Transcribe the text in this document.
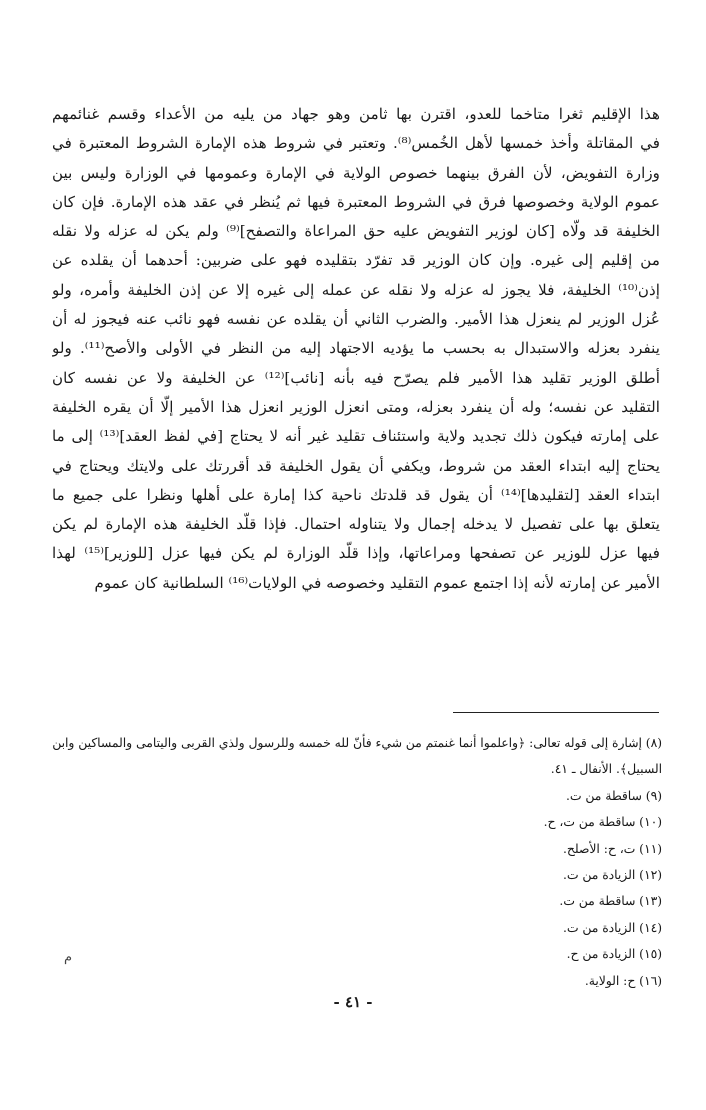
هذا الإقليم ثغرا متاخما للعدو، اقترن بها ثامن وهو جهاد من يليه من الأعداء وقسم غنائمهم
في المقاتلة وأخذ خمسها لأهل الخُمس⁽⁸⁾. وتعتبر في شروط هذه الإمارة الشروط المعتبرة في
وزارة التفويض، لأن الفرق بينهما خصوص الولاية في الإمارة وعمومها في الوزارة وليس بين
عموم الولاية وخصوصها فرق في الشروط المعتبرة فيها ثم يُنظر في عقد هذه الإمارة. فإن كان
الخليفة قد ولّاه [كان لوزير التفويض عليه حق المراعاة والتصفح]⁽⁹⁾ ولم يكن له عزله ولا نقله
من إقليم إلى غيره. وإن كان الوزير قد تفرّد بتقليده فهو على ضربين: أحدهما أن يقلده عن
إذن⁽¹⁰⁾ الخليفة، فلا يجوز له عزله ولا نقله عن عمله إلى غيره إلا عن إذن الخليفة وأمره، ولو
عُزل الوزير لم ينعزل هذا الأمير. والضرب الثاني أن يقلده عن نفسه فهو نائب عنه فيجوز له أن
ينفرد بعزله والاستبدال به بحسب ما يؤديه الاجتهاد إليه من النظر في الأولى والأصح⁽¹¹⁾. ولو
أطلق الوزير تقليد هذا الأمير فلم يصرّح فيه بأنه [نائب]⁽¹²⁾ عن الخليفة ولا عن نفسه كان
التقليد عن نفسه؛ وله أن ينفرد بعزله، ومتى انعزل الوزير انعزل هذا الأمير إلّا أن يقره الخليفة
على إمارته فيكون ذلك تجديد ولاية واستئناف تقليد غير أنه لا يحتاج [في لفظ العقد]⁽¹³⁾ إلى ما
يحتاج إليه ابتداء العقد من شروط، ويكفي أن يقول الخليفة قد أقررتك على ولايتك ويحتاج في
ابتداء العقد [لتقليدها]⁽¹⁴⁾ أن يقول قد قلدتك ناحية كذا إمارة على أهلها ونظرا على جميع ما
يتعلق بها على تفصيل لا يدخله إجمال ولا يتناوله احتمال. فإذا قلّد الخليفة هذه الإمارة لم يكن
فيها عزل للوزير عن تصفحها ومراعاتها، وإذا قلّد الوزارة لم يكن فيها عزل [للوزير]⁽¹⁵⁾ لهذا
الأمير عن إمارته لأنه إذا اجتمع عموم التقليد وخصوصه في الولايات⁽¹⁶⁾ السلطانية كان عموم
(٨) إشارة إلى قوله تعالى: ﴿واعلموا أنما غنمتم من شيء فأنّ لله خمسه وللرسول ولذي القربى واليتامى والمساكين وابن
السبيل﴾. الأنفال ـ ٤١.
(٩) ساقطة من ت.
(١٠) ساقطة من ت، ح.
(١١) ت، ح: الأصلح.
(١٢) الزيادة من ت.
(١٣) ساقطة من ت.
(١٤) الزيادة من ت.
(١٥) الزيادة من ح.
(١٦) ح: الولاية.
م
- ٤١ -
